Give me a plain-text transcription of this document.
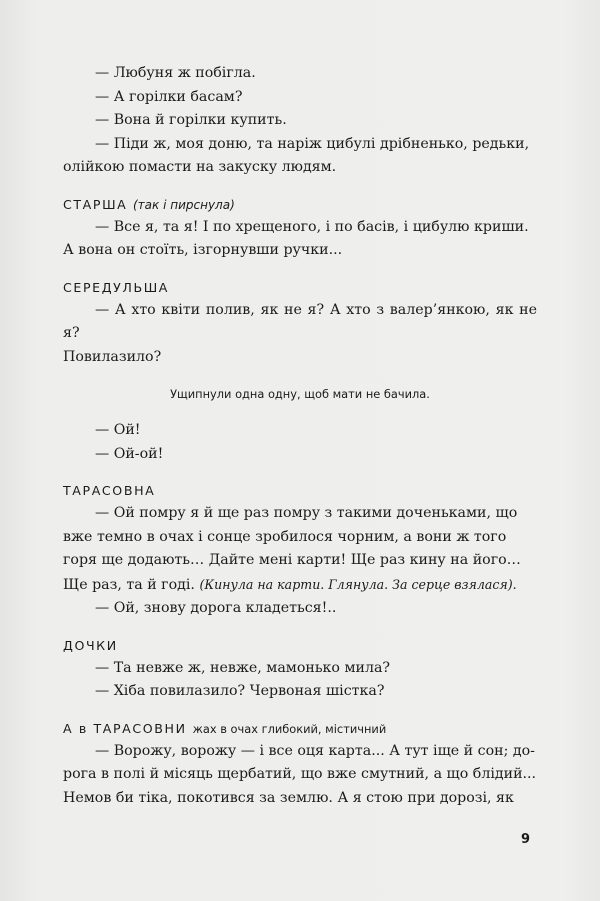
— Любуня ж побігла.

— А горілки басам?

— Вона й горілки купить.

— Піди ж, моя доню, та наріж цибулі дрібненько, редьки,

олійкою помасти на закуску людям.

СТАРША (так і пирснула)

— Все я, та я! І по хрещеного, і по басів, і цибулю криши.

А вона он стоїть, ізгорнувши ручки...

СЕРЕДУЛЬША

— А хто квіти полив, як не я? А хто з валер’янкою, як не я?

Повилазило?

Ущипнули одна одну, щоб мати не бачила.

— Ой!

— Ой-ой!

ТАРАСОВНА

— Ой помру я й ще раз помру з такими доченьками, що

вже темно в очах і сонце зробилося чорним, а вони ж того

горя ще додають… Дайте мені карти! Ще раз кину на його…

Ще раз, та й годі. (Кинула на карти. Глянула. За серце взялася).

— Ой, знову дорога кладеться!..

ДОЧКИ

— Та невже ж, невже, мамонько мила?

— Хіба повилазило? Червоная шістка?

А в ТАРАСОВНИ жах в очах глибокий, містичний

— Ворожу, ворожу — і все оця карта... А тут іще й сон; до-

рога в полі й місяць щербатий, що вже смутний, а що блідий...

Немов би тіка, покотився за землю. А я стою при дорозі, як

9
